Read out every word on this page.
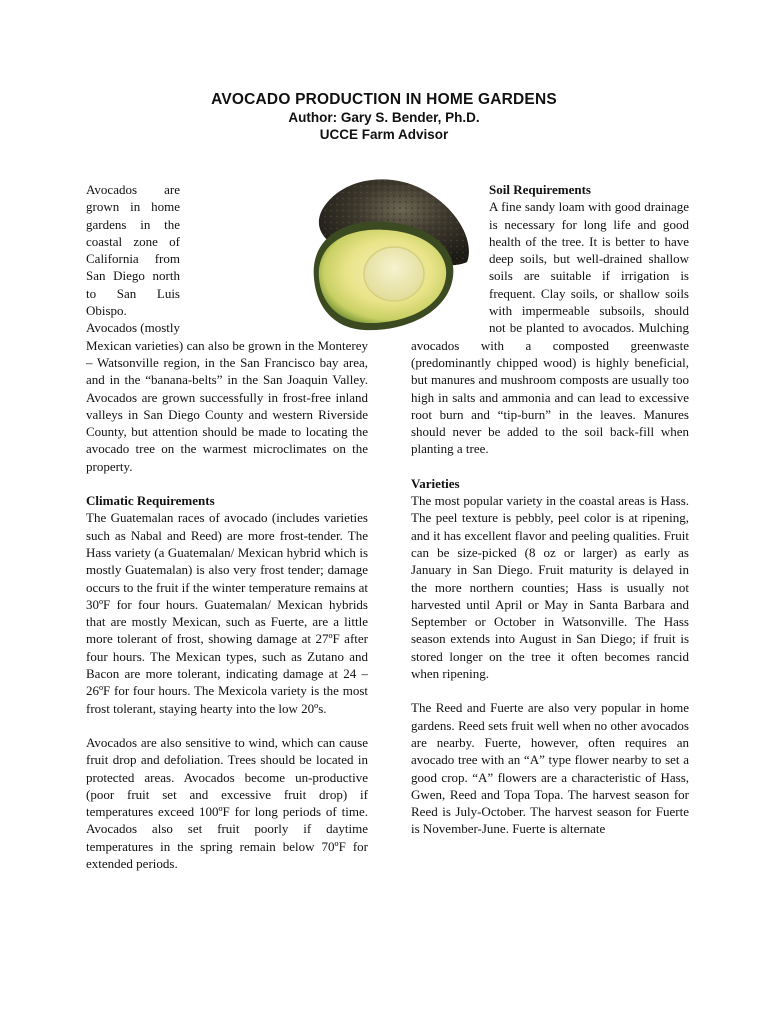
AVOCADO PRODUCTION IN HOME GARDENS
Author: Gary S. Bender, Ph.D.
UCCE Farm Advisor

Avocados are grown in home gardens in the coastal zone of California from San Diego north to San Luis Obispo. Avocados (mostly Mexican varieties) can also be grown in the Monterey – Watsonville region, in the San Francisco bay area, and in the “banana-belts” in the San Joaquin Valley. Avocados are grown successfully in frost-free inland valleys in San Diego County and western Riverside County, but attention should be made to locating the avocado tree on the warmest microclimates on the property.

Climatic Requirements

The Guatemalan races of avocado (includes varieties such as Nabal and Reed) are more frost-tender. The Hass variety (a Guatemalan/ Mexican hybrid which is mostly Guatemalan) is also very frost tender; damage occurs to the fruit if the winter temperature remains at 30ºF for four hours. Guatemalan/ Mexican hybrids that are mostly Mexican, such as Fuerte, are a little more tolerant of frost, showing damage at 27ºF after four hours. The Mexican types, such as Zutano and Bacon are more tolerant, indicating damage at 24 – 26ºF for four hours. The Mexicola variety is the most frost tolerant, staying hearty into the low 20ºs.

Avocados are also sensitive to wind, which can cause fruit drop and defoliation. Trees should be located in protected areas. Avocados become un-productive (poor fruit set and excessive fruit drop) if temperatures exceed 100ºF for long periods of time. Avocados also set fruit poorly if daytime temperatures in the spring remain below 70ºF for extended periods.

Soil Requirements

A fine sandy loam with good drainage is necessary for long life and good health of the tree. It is better to have deep soils, but well-drained shallow soils are suitable if irrigation is frequent. Clay soils, or shallow soils with impermeable subsoils, should not be planted to avocados. Mulching avocados with a composted greenwaste (predominantly chipped wood) is highly beneficial, but manures and mushroom composts are usually too high in salts and ammonia and can lead to excessive root burn and “tip-burn” in the leaves. Manures should never be added to the soil back-fill when planting a tree.

Varieties

The most popular variety in the coastal areas is Hass. The peel texture is pebbly, peel color is at ripening, and it has excellent flavor and peeling qualities. Fruit can be size-picked (8 oz or larger) as early as January in San Diego. Fruit maturity is delayed in the more northern counties; Hass is usually not harvested until April or May in Santa Barbara and September or October in Watsonville. The Hass season extends into August in San Diego; if fruit is stored longer on the tree it often becomes rancid when ripening.

The Reed and Fuerte are also very popular in home gardens. Reed sets fruit well when no other avocados are nearby. Fuerte, however, often requires an avocado tree with an “A” type flower nearby to set a good crop. “A” flowers are a characteristic of Hass, Gwen, Reed and Topa Topa. The harvest season for Reed is July-October. The harvest season for Fuerte is November-June. Fuerte is alternate
